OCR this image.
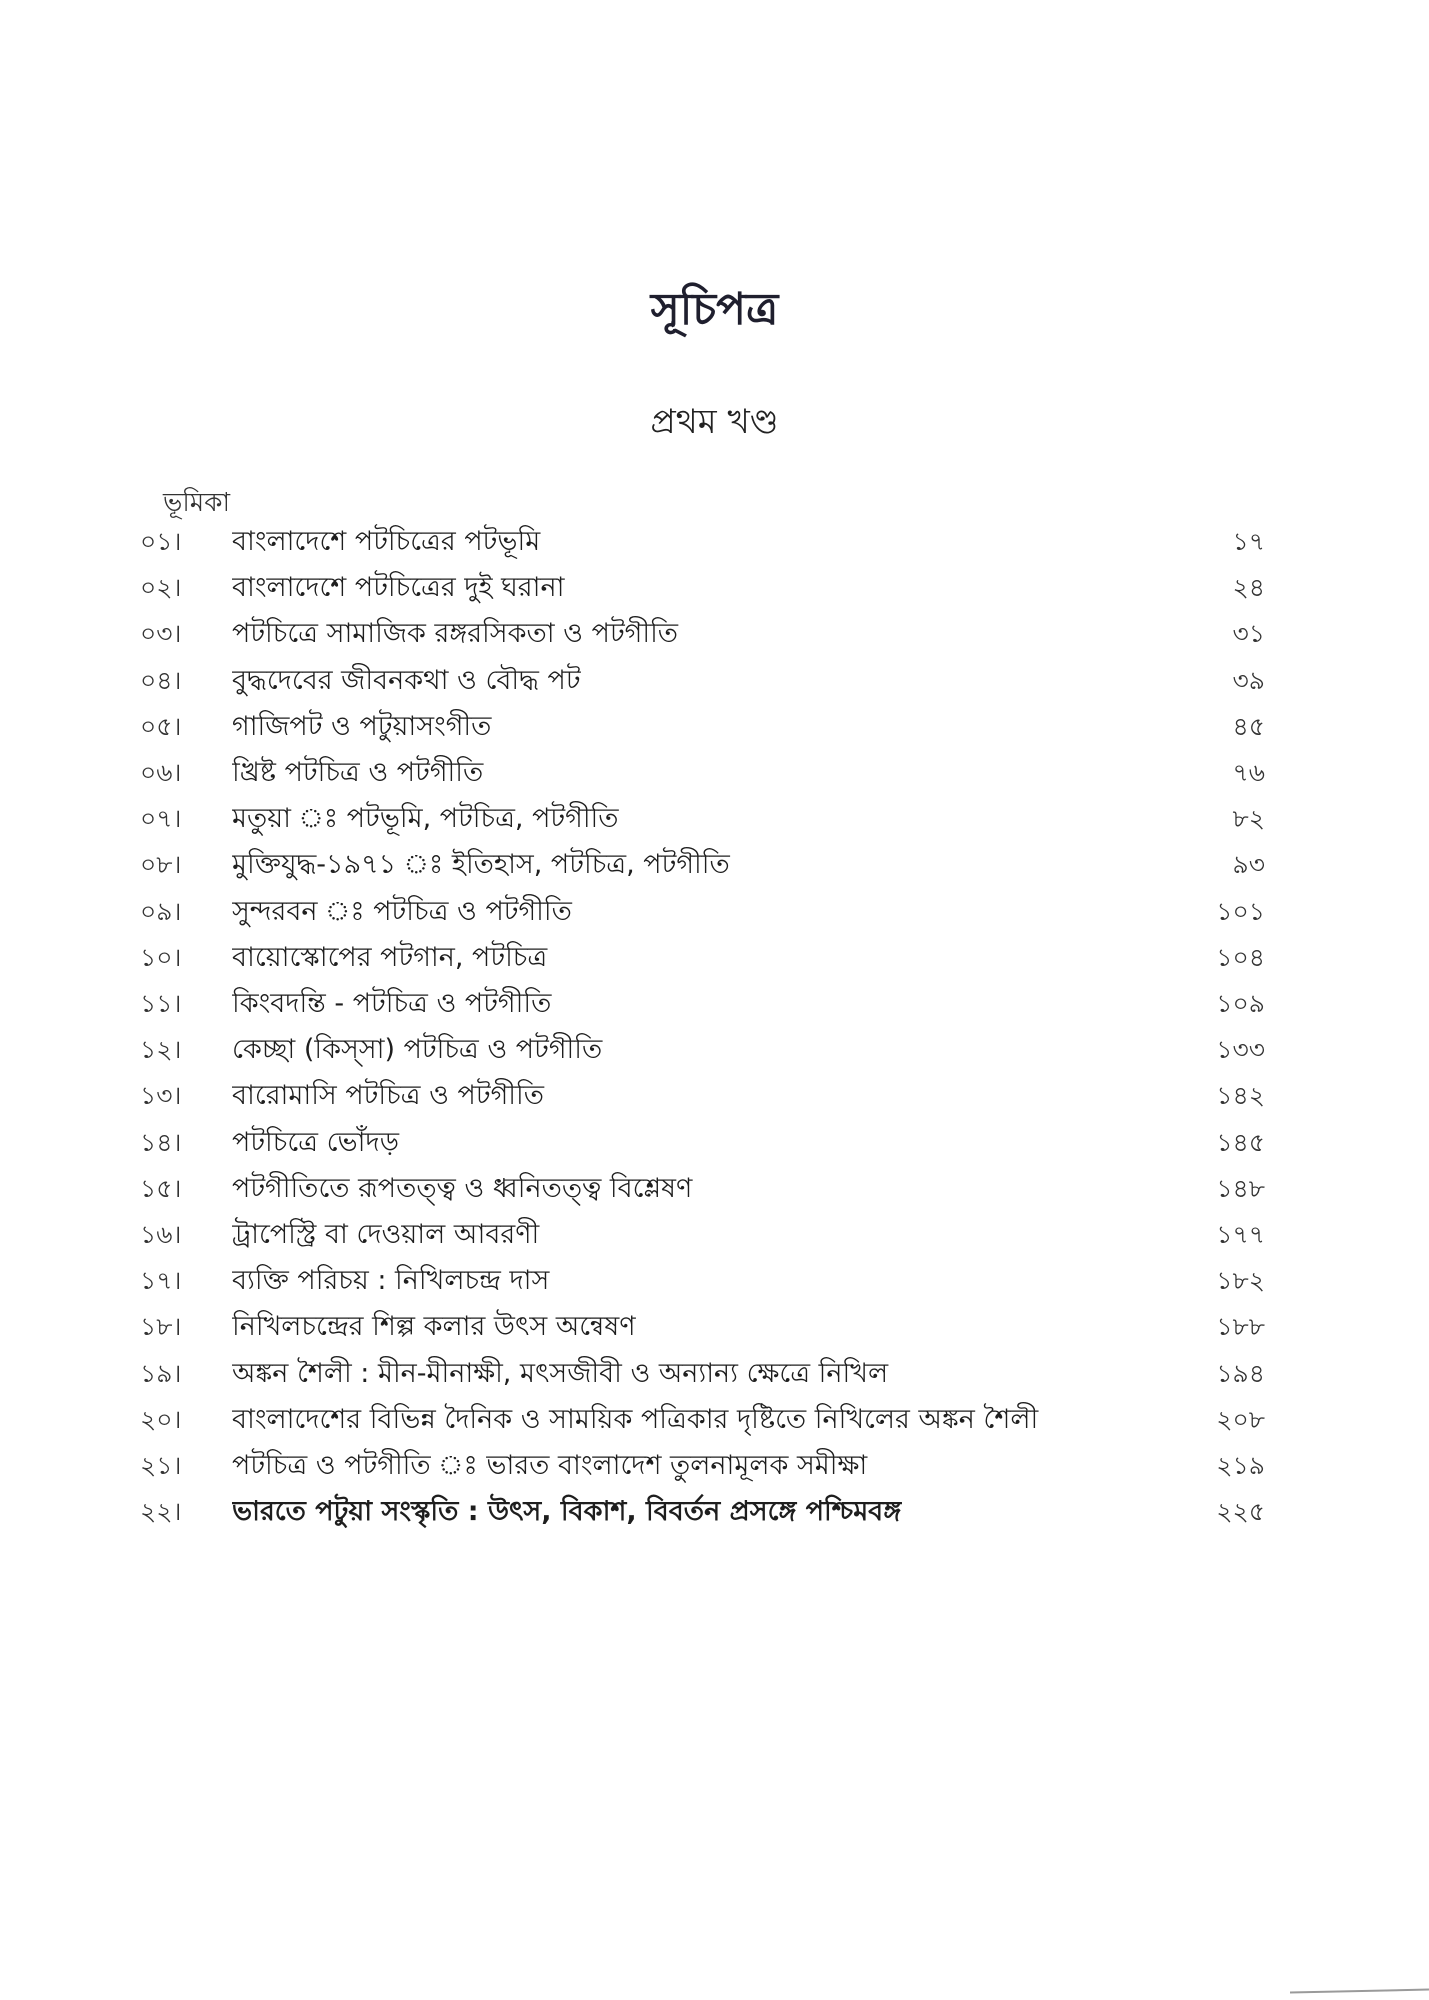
সূচিপত্র
প্রথম খণ্ড
ভূমিকা
০১।	বাংলাদেশে পটচিত্রের পটভূমি	১৭
০২।	বাংলাদেশে পটচিত্রের দুই ঘরানা	২৪
০৩।	পটচিত্রে সামাজিক রঙ্গরসিকতা ও পটগীতি	৩১
০৪।	বুদ্ধদেবের জীবনকথা ও বৌদ্ধ পট	৩৯
০৫।	গাজিপট ও পটুয়াসংগীত	৪৫
০৬।	খ্রিষ্ট পটচিত্র ও পটগীতি	৭৬
০৭।	মতুয়া ঃ পটভূমি, পটচিত্র, পটগীতি	৮২
০৮।	মুক্তিযুদ্ধ-১৯৭১ ঃ ইতিহাস, পটচিত্র, পটগীতি	৯৩
০৯।	সুন্দরবন ঃ পটচিত্র ও পটগীতি	১০১
১০।	বায়োস্কোপের পটগান, পটচিত্র	১০৪
১১।	কিংবদন্তি - পটচিত্র ও পটগীতি	১০৯
১২।	কেচ্ছা (কিস্‌সা) পটচিত্র ও পটগীতি	১৩৩
১৩।	বারোমাসি পটচিত্র ও পটগীতি	১৪২
১৪।	পটচিত্রে ভোঁদড়	১৪৫
১৫।	পটগীতিতে রূপতত্ত্ব ও ধ্বনিতত্ত্ব বিশ্লেষণ	১৪৮
১৬।	ট্রাপেস্ট্রি বা দেওয়াল আবরণী	১৭৭
১৭।	ব্যক্তি পরিচয় : নিখিলচন্দ্র দাস	১৮২
১৮।	নিখিলচন্দ্রের শিল্প কলার উৎস অন্বেষণ	১৮৮
১৯।	অঙ্কন শৈলী : মীন-মীনাক্ষী, মৎসজীবী ও অন্যান্য ক্ষেত্রে নিখিল	১৯৪
২০।	বাংলাদেশের বিভিন্ন দৈনিক ও সাময়িক পত্রিকার দৃষ্টিতে নিখিলের অঙ্কন শৈলী	২০৮
২১।	পটচিত্র ও পটগীতি ঃ ভারত বাংলাদেশ তুলনামূলক সমীক্ষা	২১৯
২২।	ভারতে পটুয়া সংস্কৃতি : উৎস, বিকাশ, বিবর্তন প্রসঙ্গে পশ্চিমবঙ্গ	২২৫
